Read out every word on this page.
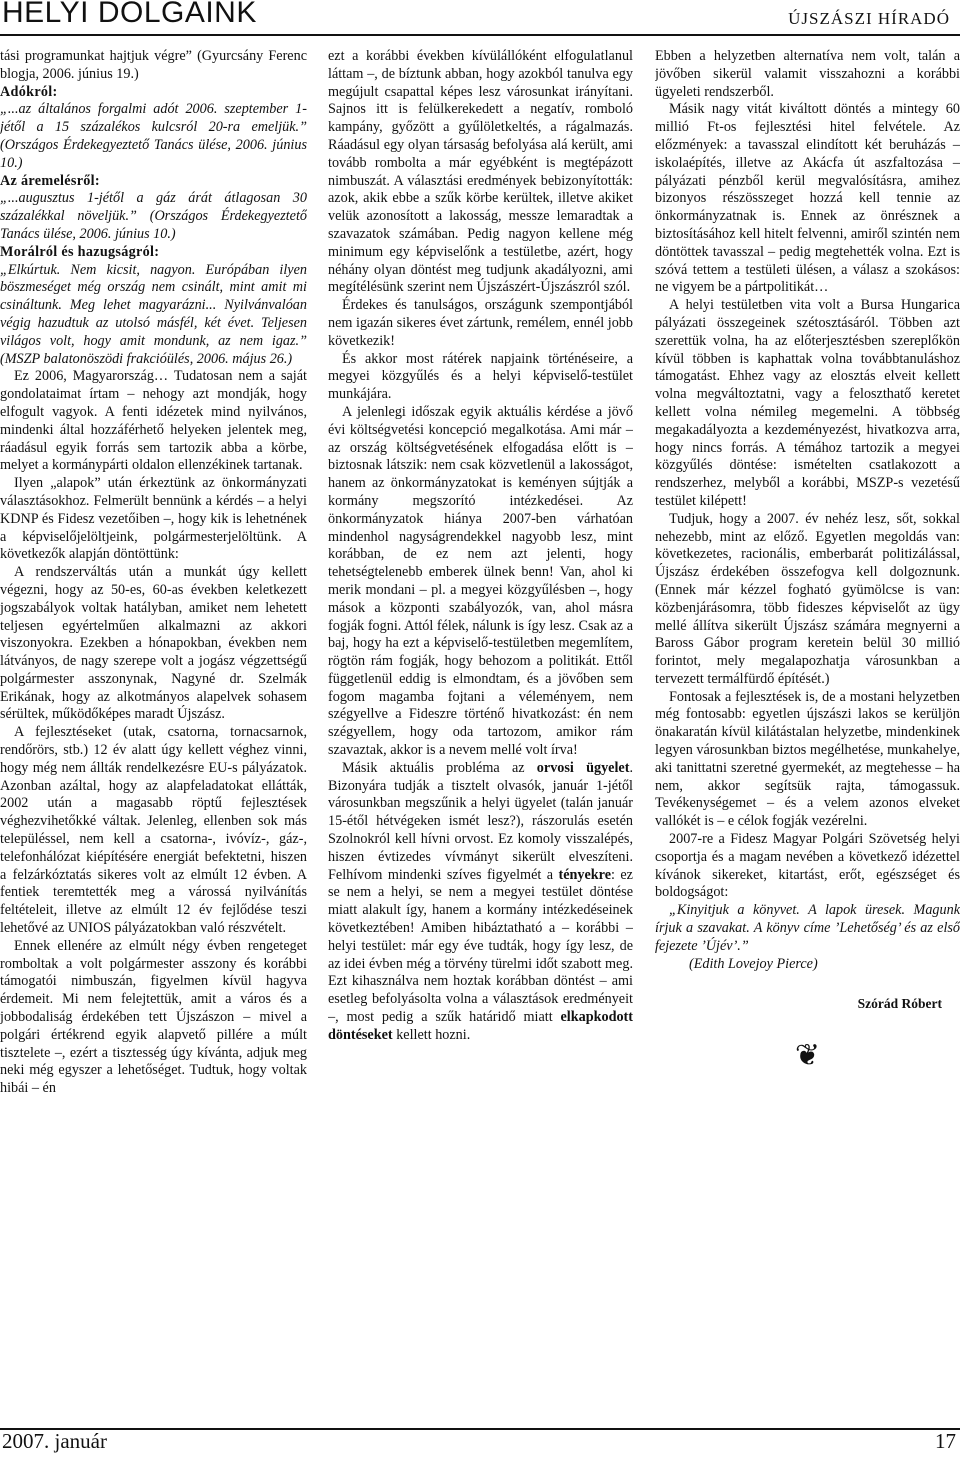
HELYI DOLGAINK	ÚJSZÁSZI HÍRADÓ

tási programunkat hajtjuk végre” (Gyurcsány Ferenc blogja, 2006. június 19.)

Adókról:

„...az általános forgalmi adót 2006. szeptember 1-jétől a 15 százalékos kulcsról 20-ra emeljük.” (Országos Érdekegyeztető Tanács ülése, 2006. június 10.)

Az áremelésről:

„...augusztus 1-jétől a gáz árát átlagosan 30 százalékkal növeljük.” (Országos Érdekegyeztető Tanács ülése, 2006. június 10.)

Morálról és hazugságról:

„Elkúrtuk. Nem kicsit, nagyon. Európában ilyen böszmeséget még ország nem csinált, mint amit mi csináltunk. Meg lehet magyarázni... Nyilvánvalóan végig hazudtuk az utolsó másfél, két évet. Teljesen világos volt, hogy amit mondunk, az nem igaz.” (MSZP balatonöszödi frakcióülés, 2006. május 26.)

Ez 2006, Magyarország… Tudatosan nem a saját gondolataimat írtam – nehogy azt mondják, hogy elfogult vagyok. A fenti idézetek mind nyilvános, mindenki által hozzáférhető helyeken jelentek meg, ráadásul egyik forrás sem tartozik abba a körbe, melyet a kormánypárti oldalon ellenzékinek tartanak.

Ilyen „alapok” után érkeztünk az önkormányzati választásokhoz. Felmerült bennünk a kérdés – a helyi KDNP és Fidesz vezetőiben –, hogy kik is lehetnének a képviselőjelöltjeink, polgármesterjelöltünk. A következők alapján döntöttünk:

A rendszerváltás után a munkát úgy kellett végezni, hogy az 50-es, 60-as években keletkezett jogszabályok voltak hatályban, amiket nem lehetett teljesen egyértelműen alkalmazni az akkori viszonyokra. Ezekben a hónapokban, években nem látványos, de nagy szerepe volt a jogász végzettségű polgármester asszonynak, Nagyné dr. Szelmák Erikának, hogy az alkotmányos alapelvek sohasem sérültek, működőképes maradt Újszász.

A fejlesztéseket (utak, csatorna, tornacsarnok, rendőrörs, stb.) 12 év alatt úgy kellett véghez vinni, hogy még nem állták rendelkezésre EU-s pályázatok. Azonban azáltal, hogy az alapfeladatokat ellátták, 2002 után a magasabb röptű fejlesztések véghezvihetőkké váltak. Jelenleg, ellenben sok más településsel, nem kell a csatorna-, ivóvíz-, gáz-, telefonhálózat kiépítésére energiát befektetni, hiszen a felzárkóztatás sikeres volt az elmúlt 12 évben. A fentiek teremtették meg a várossá nyilvánítás feltételeit, illetve az elmúlt 12 év fejlődése teszi lehetővé az UNIOS pályázatokban való részvételt.

Ennek ellenére az elmúlt négy évben rengeteget romboltak a volt polgármester asszony és korábbi támogatói nimbuszán, figyelmen kívül hagyva érdemeit. Mi nem felejtettük, amit a város és a jobbodaliság érdekében tett Újszászon – mivel a polgári értékrend egyik alapvető pillére a múlt tisztelete –, ezért a tisztesség úgy kívánta, adjuk meg neki még egyszer a lehetőséget. Tudtuk, hogy voltak hibái – én

ezt a korábbi években kívülállóként elfogulatlanul láttam –, de bíztunk abban, hogy azokból tanulva egy megújult csapattal képes lesz városunkat irányítani. Sajnos itt is felülkerekedett a negatív, romboló kampány, győzött a gyűlöletkeltés, a rágalmazás. Ráadásul egy olyan társaság befolyása alá került, ami tovább rombolta a már egyébként is megtépázott nimbuszát. A választási eredmények bebizonyították: azok, akik ebbe a szűk körbe kerültek, illetve akiket velük azonosított a lakosság, messze lemaradtak a szavazatok számában. Pedig nagyon kellene még minimum egy képviselőnk a testületbe, azért, hogy néhány olyan döntést meg tudjunk akadályozni, ami megítélésünk szerint nem Újszászért-Újszászról szól.

Érdekes és tanulságos, országunk szempontjából nem igazán sikeres évet zártunk, remélem, ennél jobb következik!

És akkor most rátérek napjaink történéseire, a megyei közgyűlés és a helyi képviselő-testület munkájára.

A jelenlegi időszak egyik aktuális kérdése a jövő évi költségvetési koncepció megalkotása. Ami már – az ország költségvetésének elfogadása előtt is – biztosnak látszik: nem csak közvetlenül a lakosságot, hanem az önkormányzatokat is keményen sújtják a kormány megszorító intézkedései. Az önkormányzatok hiánya 2007-ben várhatóan mindenhol nagyságrendekkel nagyobb lesz, mint korábban, de ez nem azt jelenti, hogy tehetségtelenebb emberek ülnek benn! Van, ahol ki merik mondani – pl. a megyei közgyűlésben –, hogy mások a központi szabályozók, van, ahol másra fogják fogni. Attól félek, nálunk is így lesz. Csak az a baj, hogy ha ezt a képviselő-testületben megemlítem, rögtön rám fogják, hogy behozom a politikát. Ettől függetlenül eddig is elmondtam, és a jövőben sem fogom magamba fojtani a véleményem, nem szégyellve a Fideszre történő hivatkozást: én nem szégyellem, hogy oda tartozom, amikor rám szavaztak, akkor is a nevem mellé volt írva!

Másik aktuális probléma az orvosi ügyelet. Bizonyára tudják a tisztelt olvasók, január 1-jétől városunkban megszűnik a helyi ügyelet (talán január 15-étől hétvégeken ismét lesz?), rászorulás esetén Szolnokról kell hívni orvost. Ez komoly visszalépés, hiszen évtizedes vívmányt sikerült elveszíteni. Felhívom mindenki szíves figyelmét a tényekre: ez se nem a helyi, se nem a megyei testület döntése miatt alakult így, hanem a kormány intézkedéseinek következtében! Amiben hibáztatható a – korábbi – helyi testület: már egy éve tudták, hogy így lesz, de az idei évben még a törvény türelmi időt szabott meg. Ezt kihasználva nem hoztak korábban döntést – ami esetleg befolyásolta volna a választások eredményeit –, most pedig a szűk határidő miatt elkapkodott döntéseket kellett hozni.

Ebben a helyzetben alternatíva nem volt, talán a jövőben sikerül valamit visszahozni a korábbi ügyeleti rendszerből.

Másik nagy vitát kiváltott döntés a mintegy 60 millió Ft-os fejlesztési hitel felvétele. Az előzmények: a tavasszal elindított két beruházás – iskolaépítés, illetve az Akácfa út aszfaltozása – pályázati pénzből kerül megvalósításra, amihez bizonyos részösszeget hozzá kell tennie az önkormányzatnak is. Ennek az önrésznek a biztosításához kell hitelt felvenni, amiről szintén nem döntöttek tavasszal – pedig megtehették volna. Ezt is szóvá tettem a testületi ülésen, a válasz a szokásos: ne vigyem be a pártpolitikát…

A helyi testületben vita volt a Bursa Hungarica pályázati összegeinek szétosztásáról. Többen azt szerettük volna, ha az előterjesztésben szereplőkön kívül többen is kaphattak volna továbbtanuláshoz támogatást. Ehhez vagy az elosztás elveit kellett volna megváltoztatni, vagy a feloszthatő keretet kellett volna némileg megemelni. A többség megakadályozta a kezdeményezést, hivatkozva arra, hogy nincs forrás. A témához tartozik a megyei közgyűlés döntése: ismételten csatlakozott a rendszerhez, melyből a korábbi, MSZP-s vezetésű testület kilépett!

Tudjuk, hogy a 2007. év nehéz lesz, sőt, sokkal nehezebb, mint az előző. Egyetlen megoldás van: következetes, racionális, emberbarát politizálással, Újszász érdekében összefogva kell dolgoznunk. (Ennek már kézzel fogható gyümölcse is van: közbenjárásomra, több fideszes képviselőt az ügy mellé állítva sikerült Újszász számára megnyerni a Baross Gábor program keretein belül 30 millió forintot, mely megalapozhatja városunkban a tervezett termálfürdő építését.)

Fontosak a fejlesztések is, de a mostani helyzetben még fontosabb: egyetlen újszászi lakos se kerüljön önakaratán kívül kilátástalan helyzetbe, mindenkinek legyen városunkban biztos megélhetése, munkahelye, aki tanittatni szeretné gyermekét, az megtehesse – ha nem, akkor segítsük rajta, támogassuk. Tevékenységemet – és a velem azonos elveket vallókét is – e célok fogják vezérelni.

2007-re a Fidesz Magyar Polgári Szövetség helyi csoportja és a magam nevében a következő idézettel kívánok sikereket, kitartást, erőt, egészséget és boldogságot:

„Kinyitjuk a könyvet. A lapok üresek. Magunk írjuk a szavakat. A könyv címe ’Lehetőség’ és az első fejezete ’Újév’.”

(Edith Lovejoy Pierce)

Szórád Róbert

❦

2007. január	17
